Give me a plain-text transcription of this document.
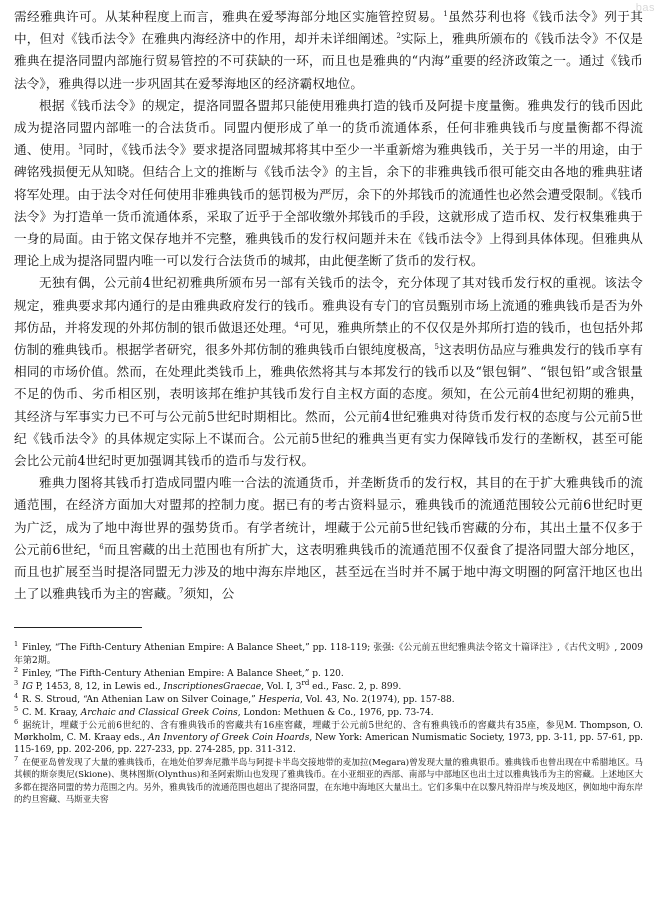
bas

需经雅典许可。从某种程度上而言，雅典在爱琴海部分地区实施管控贸易。$^1$虽然芬利也将《钱币法令》列于其中，但对《钱币法令》在雅典内海经济中的作用，却并未详细阐述。$^2$实际上，雅典所颁布的《钱币法令》不仅是雅典在提洛同盟内部施行贸易管控的不可获缺的一环，而且也是雅典的“内海”重要的经济政策之一。通过《钱币法令》，雅典得以进一步巩固其在爱琴海地区的经济霸权地位。

根据《钱币法令》的规定，提洛同盟各盟邦只能使用雅典打造的钱币及阿提卡度量衡。雅典发行的钱币因此成为提洛同盟内部唯一的合法货币。同盟内便形成了单一的货币流通体系，任何非雅典钱币与度量衡都不得流通、使用。$^3$同时，《钱币法令》要求提洛同盟城邦将其中至少一半重新熔为雅典钱币，关于另一半的用途，由于碑铭残损便无从知晓。但结合上文的推断与《钱币法令》的主旨，余下的非雅典钱币很可能交由各地的雅典驻诸将军处理。由于法令对任何使用非雅典钱币的惩罚极为严厉，余下的外邦钱币的流通性也必然会遭受限制。《钱币法令》为打造单一货币流通体系，采取了近乎于全部收缴外邦钱币的手段，这就形成了造币权、发行权集雅典于一身的局面。由于铭文保存地并不完整，雅典钱币的发行权问题并未在《钱币法令》上得到具体体现。但雅典从理论上成为提洛同盟内唯一可以发行合法货币的城邦，由此便垄断了货币的发行权。

无独有偶，公元前4世纪初雅典所颁布另一部有关钱币的法令，充分体现了其对钱币发行权的重视。该法令规定，雅典要求邦内通行的是由雅典政府发行的钱币。雅典设有专门的官员甄别市场上流通的雅典钱币是否为外邦仿品，并将发现的外邦仿制的银币做退还处理。$^4$可见，雅典所禁止的不仅仅是外邦所打造的钱币，也包括外邦仿制的雅典钱币。根据学者研究，很多外邦仿制的雅典钱币白银纯度极高，$^5$这表明仿品应与雅典发行的钱币享有相同的市场价值。然而，在处理此类钱币上，雅典依然将其与本邦发行的钱币以及“银包铜”、“银包铅”或含银量不足的伪币、劣币相区别，表明该邦在维护其钱币发行自主权方面的态度。须知，在公元前4世纪初期的雅典，其经济与军事实力已不可与公元前5世纪时期相比。然而，公元前4世纪雅典对待货币发行权的态度与公元前5世纪《钱币法令》的具体规定实际上不谋而合。公元前5世纪的雅典当更有实力保障钱币发行的垄断权，甚至可能会比公元前4世纪时更加强调其钱币的造币与发行权。

雅典力图将其钱币打造成同盟内唯一合法的流通货币，并垄断货币的发行权，其目的在于扩大雅典钱币的流通范围，在经济方面加大对盟邦的控制力度。据已有的考古资料显示，雅典钱币的流通范围较公元前6世纪时更为广泛，成为了地中海世界的强势货币。有学者统计，埋藏于公元前5世纪钱币窖藏的分布，其出土量不仅多于公元前6世纪，$^6$而且窖藏的出土范围也有所扩大，这表明雅典钱币的流通范围不仅蚕食了提洛同盟大部分地区，而且也扩展至当时提洛同盟无力涉及的地中海东岸地区，甚至远在当时并不属于地中海文明圈的阿富汗地区也出土了以雅典钱币为主的窖藏。$^7$须知，公

$^1$ Finley, “The Fifth-Century Athenian Empire: A Balance Sheet,” pp. 118-119; 张强:《公元前五世纪雅典法令铭文十篇译注》,《古代文明》, 2009年第2期。

$^2$ Finley, “The Fifth-Century Athenian Empire: A Balance Sheet,” p. 120.

$^3$ IG P, 1453, 8, 12, in Lewis ed., InscriptionesGraecae, Vol. I, 3rd ed., Fasc. 2, p. 899.

$^4$ R. S. Stroud, “An Athenian Law on Silver Coinage,” Hesperia, Vol. 43, No. 2(1974), pp. 157-88.

$^5$ C. M. Kraay, Archaic and Classical Greek Coins, London: Methuen & Co., 1976, pp. 73-74.

$^6$ 据统计，埋藏于公元前6世纪的、含有雅典钱币的窖藏共有16座窖藏，埋藏于公元前5世纪的、含有雅典钱币的窖藏共有35座，参见M. Thompson, O. Mørkholm, C. M. Kraay eds., An Inventory of Greek Coin Hoards, New York: American Numismatic Society, 1973, pp. 3-11, pp. 57-61, pp. 115-169, pp. 202-206, pp. 227-233, pp. 274-285, pp. 311-312.

$^7$ 在便亚岛曾发现了大量的雅典钱币，在地处伯罗奔尼撒半岛与阿提卡半岛交接地带的麦加拉(Megara)曾发现大量的雅典银币。雅典钱币也曾出现在中希腊地区。马其顿的斯奈奥尼(Skione)、奥林图斯(Olynthus)和圣阿索斯山也发现了雅典钱币。在小亚细亚的西部、南部与中部地区也出土过以雅典钱币为主的窖藏。上述地区大多都在提洛同盟的势力范围之内。另外，雅典钱币的流通范围也超出了提洛同盟，在东地中海地区大量出土。它们多集中在以黎凡特沿岸与埃及地区，例如地中海东岸的约旦窖藏、马斯亚夫窖
